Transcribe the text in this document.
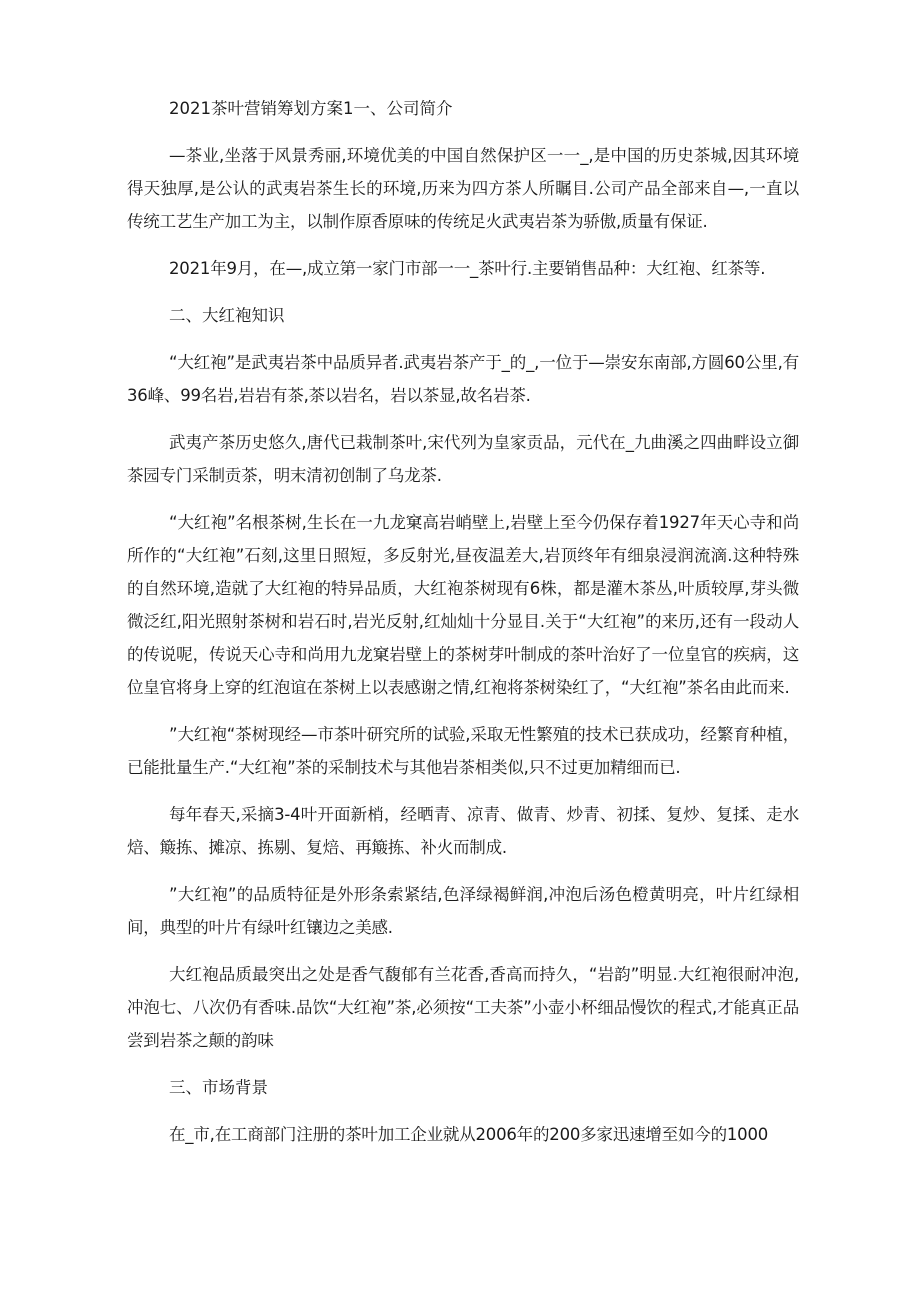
2021茶叶营销筹划方案1一、公司简介

—茶业,坐落于风景秀丽,环境优美的中国自然保护区一一_,是中国的历史茶城,因其环境得天独厚,是公认的武夷岩茶生长的环境,历来为四方茶人所瞩目.公司产品全部来自—,一直以传统工艺生产加工为主，以制作原香原味的传统足火武夷岩茶为骄傲,质量有保证.

2021年9月，在—,成立第一家门市部一一_茶叶行.主要销售品种：大红袍、红茶等.

二、大红袍知识

“大红袍”是武夷岩茶中品质异者.武夷岩茶产于_的_,一位于—崇安东南部,方圆60公里,有36峰、99名岩,岩岩有茶,茶以岩名，岩以茶显,故名岩茶.

武夷产茶历史悠久,唐代已栽制茶叶,宋代列为皇家贡品，元代在_九曲溪之四曲畔设立御茶园专门采制贡茶，明末清初创制了乌龙茶.

“大红袍”名根茶树,生长在一九龙窠高岩峭壁上,岩壁上至今仍保存着1927年天心寺和尚所作的“大红袍”石刻,这里日照短，多反射光,昼夜温差大,岩顶终年有细泉浸润流滴.这种特殊的自然环境,造就了大红袍的特异品质，大红袍茶树现有6株，都是灌木茶丛,叶质较厚,芽头微微泛红,阳光照射茶树和岩石时,岩光反射,红灿灿十分显目.关于“大红袍”的来历,还有一段动人的传说呢，传说天心寺和尚用九龙窠岩壁上的茶树芽叶制成的茶叶治好了一位皇官的疾病，这位皇官将身上穿的红泡谊在茶树上以表感谢之情,红袍将茶树染红了，“大红袍”茶名由此而来.

”大红袍“茶树现经—市茶叶研究所的试验,采取无性繁殖的技术已获成功，经繁育种植，已能批量生产.“大红袍”茶的采制技术与其他岩茶相类似,只不过更加精细而已.

每年春天,采摘3-4叶开面新梢，经晒青、凉青、做青、炒青、初揉、复炒、复揉、走水焙、簸拣、摊凉、拣剔、复焙、再簸拣、补火而制成.

”大红袍”的品质特征是外形条索紧结,色泽绿褐鲜润,冲泡后汤色橙黄明亮，叶片红绿相间，典型的叶片有绿叶红镶边之美感.

大红袍品质最突出之处是香气馥郁有兰花香,香高而持久，“岩韵”明显.大红袍很耐冲泡,冲泡七、八次仍有香味.品饮“大红袍”茶,必须按“工夫茶”小壶小杯细品慢饮的程式,才能真正品尝到岩茶之颠的韵味

三、市场背景

在_市,在工商部门注册的茶叶加工企业就从2006年的200多家迅速增至如今的1000
